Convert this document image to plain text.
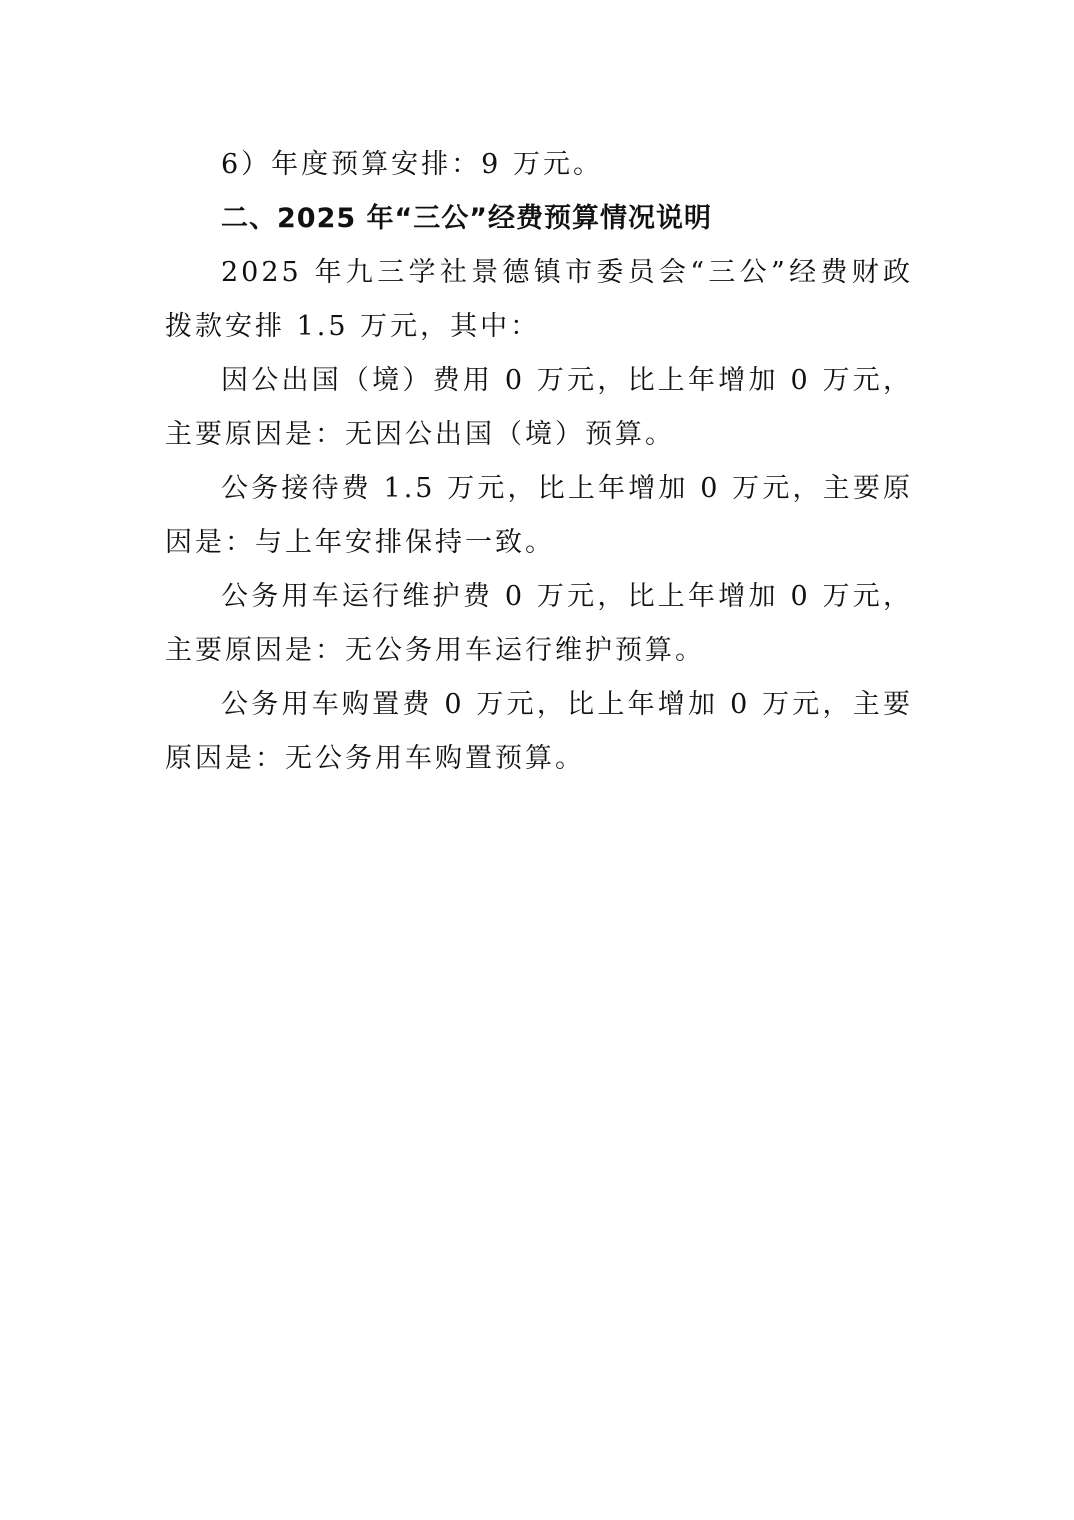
6）年度预算安排：9 万元。

二、2025 年“三公”经费预算情况说明

2025 年九三学社景德镇市委员会“三公”经费财政拨款安排 1.5 万元，其中：

因公出国（境）费用 0 万元，比上年增加 0 万元，主要原因是：无因公出国（境）预算。

公务接待费 1.5 万元，比上年增加 0 万元，主要原因是：与上年安排保持一致。

公务用车运行维护费 0 万元，比上年增加 0 万元，主要原因是：无公务用车运行维护预算。

公务用车购置费 0 万元，比上年增加 0 万元，主要原因是：无公务用车购置预算。
